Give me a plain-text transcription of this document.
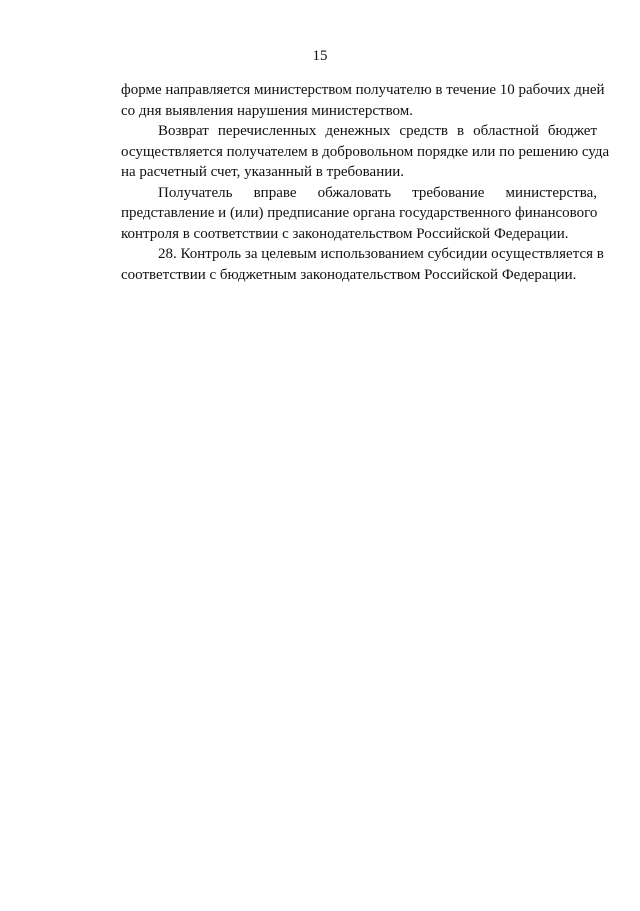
15
форме направляется министерством получателю в течение 10 рабочих дней
со дня выявления нарушения министерством.
Возврат перечисленных денежных средств в областной бюджет
осуществляется получателем в добровольном порядке или по решению суда
на расчетный счет, указанный в требовании.
Получатель вправе обжаловать требование министерства,
представление и (или) предписание органа государственного финансового
контроля в соответствии с законодательством Российской Федерации.
28. Контроль за целевым использованием субсидии осуществляется в
соответствии с бюджетным законодательством Российской Федерации.
